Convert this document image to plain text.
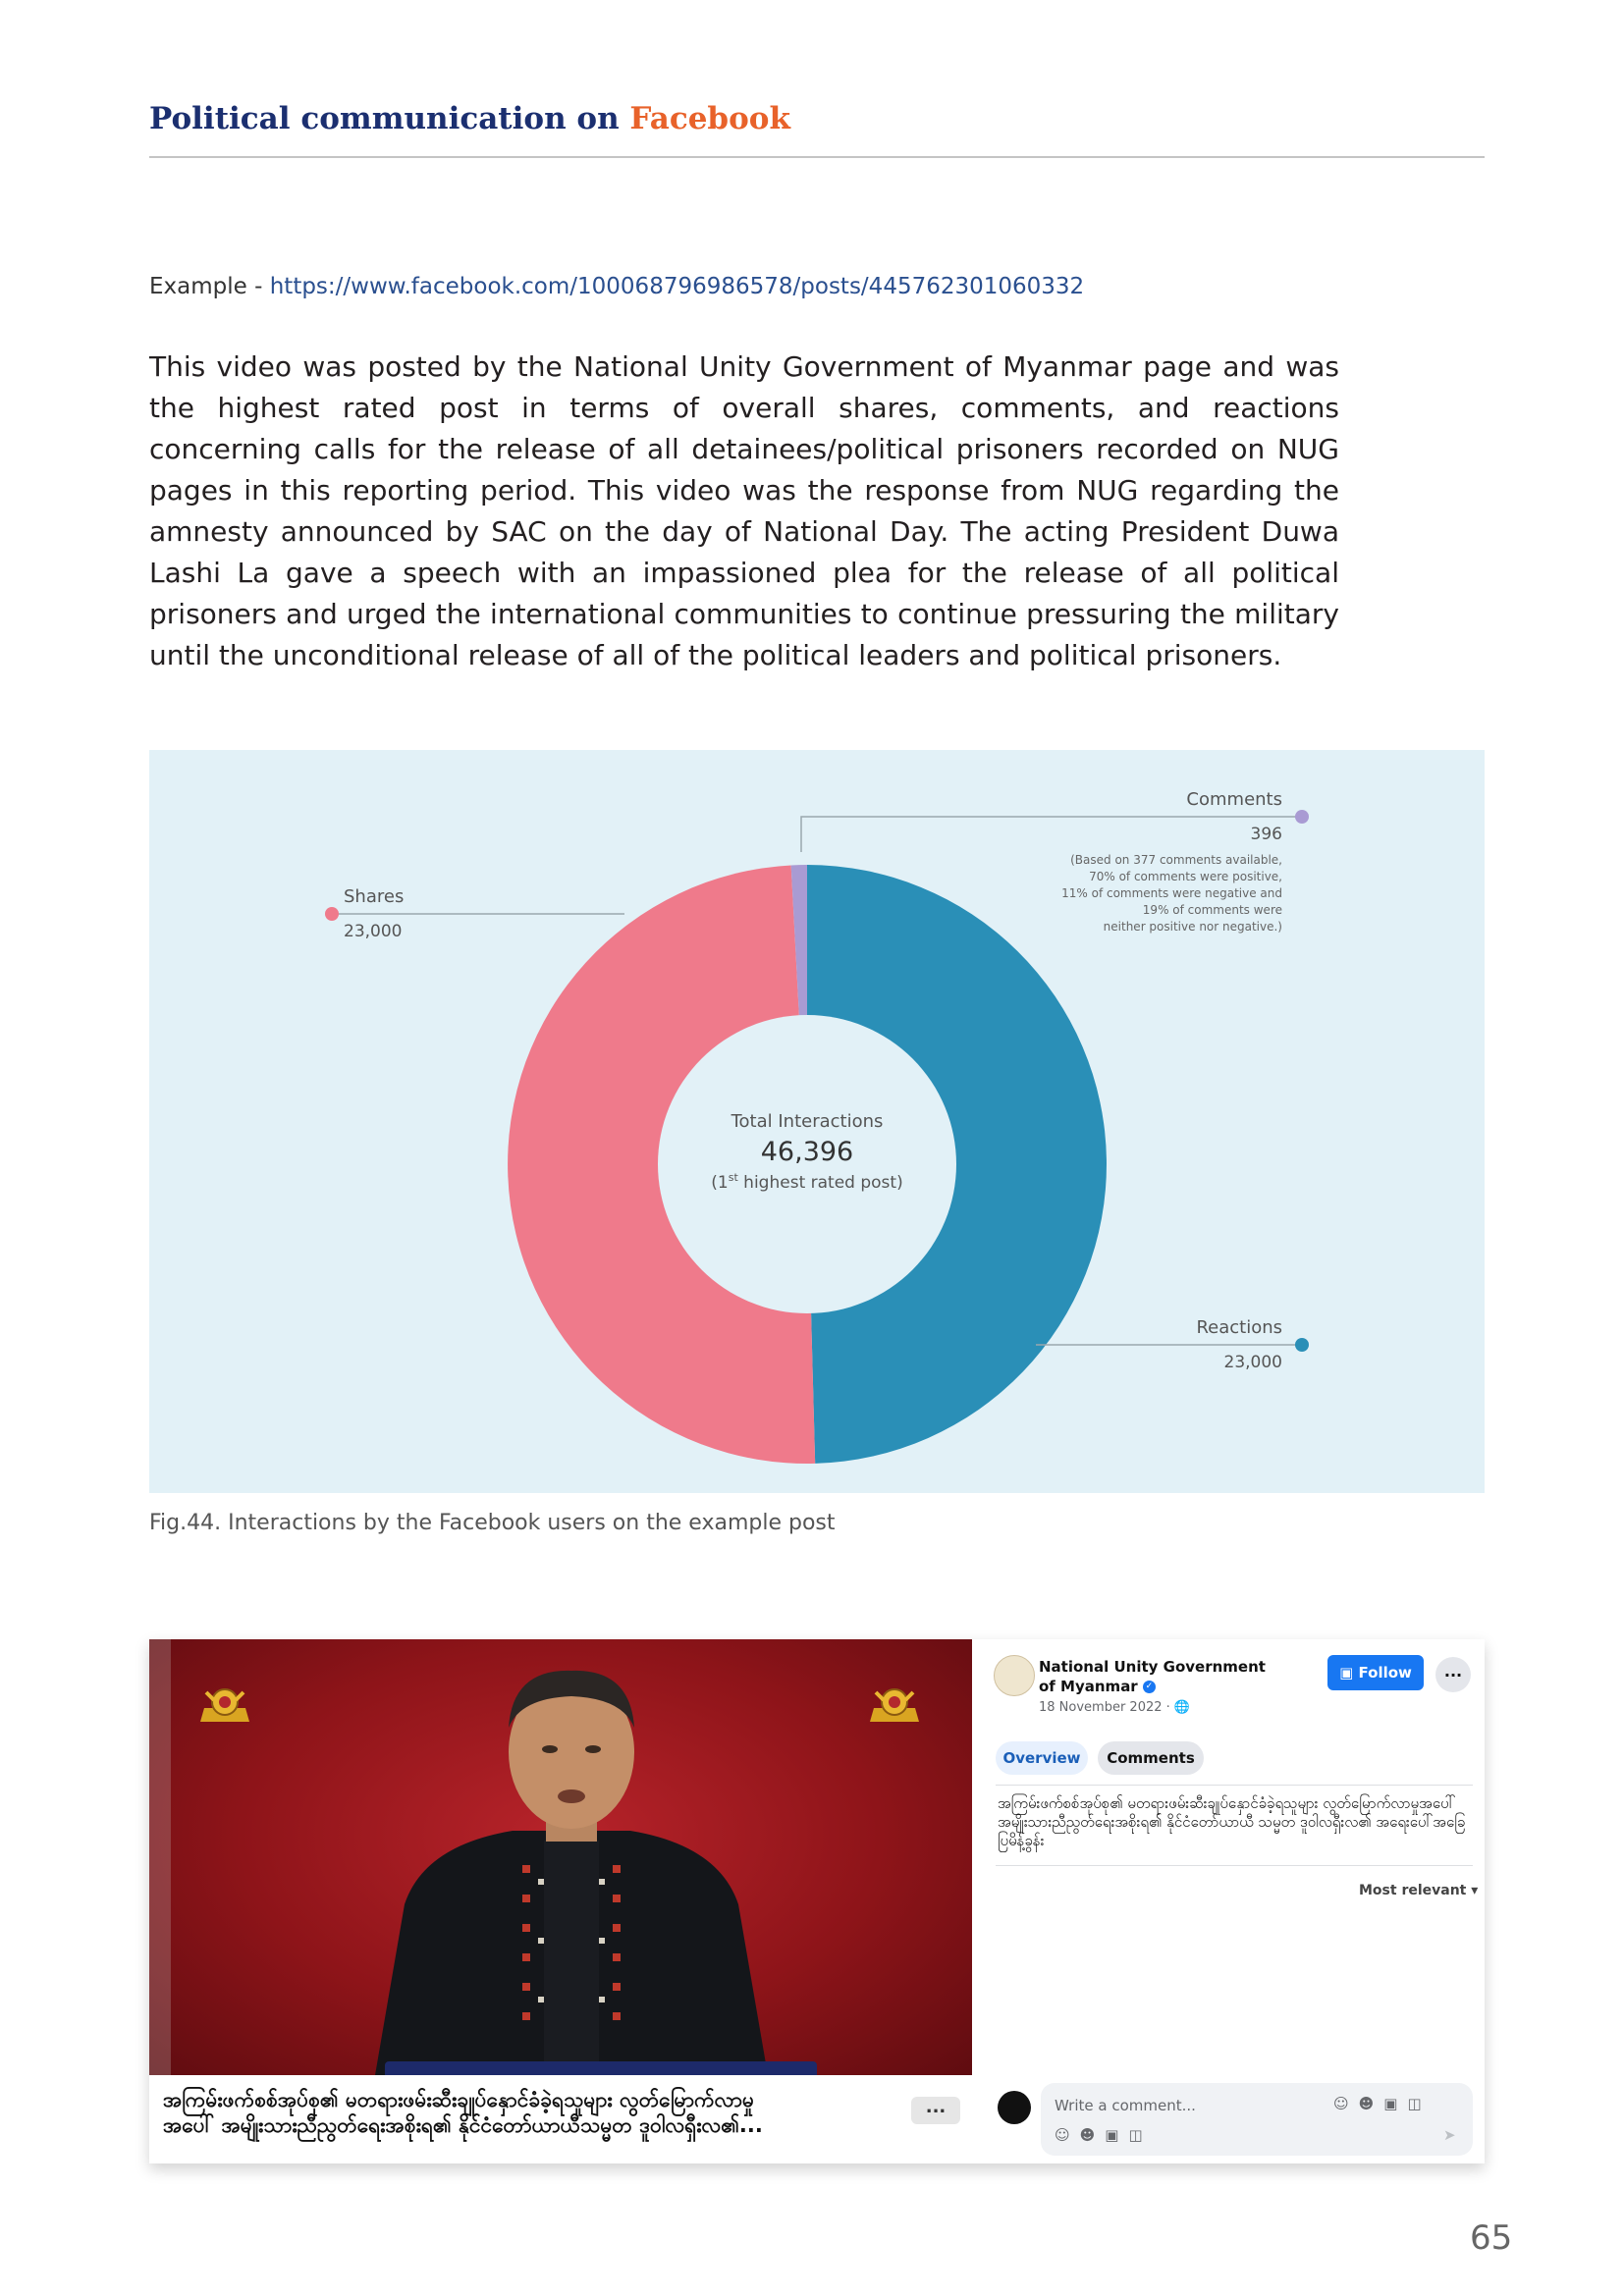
Political communication on Facebook
Example - https://www.facebook.com/100068796986578/posts/445762301060332
This video was posted by the National Unity Government of Myanmar page and was the highest rated post in terms of overall shares, comments, and reactions concerning calls for the release of all detainees/political prisoners recorded on NUG pages in this reporting period. This video was the response from NUG regarding the amnesty announced by SAC on the day of National Day. The acting President Duwa Lashi La gave a speech with an impassioned plea for the release of all political prisoners and urged the international communities to continue pressuring the military until the unconditional release of all of the political leaders and political prisoners.
Comments
396
(Based on 377 comments available,
70% of comments were positive,
11% of comments were negative and
19% of comments were
neither positive nor negative.)
Shares
23,000
Reactions
23,000
Total Interactions
46,396
(1st highest rated post)
Fig.44. Interactions by the Facebook users on the example post
အကြမ်းဖက်စစ်အုပ်စု၏ မတရားဖမ်းဆီးချုပ်နှောင်ခံခဲ့ရသူများ လွတ်မြောက်လာမှု
အပေါ် အမျိုးသားညီညွတ်ရေးအစိုးရ၏ နိုင်ငံတော်ယာယီသမ္မတ ဒူဝါလရှီးလ၏...
...
National Unity Government of Myanmar ✓
18 November 2022 · 🌐
▣ Follow	...
Overview	Comments
အကြမ်းဖက်စစ်အုပ်စု၏ မတရားဖမ်းဆီးချုပ်နှောင်ခံခဲ့ရသူများ လွတ်မြောက်လာမှုအပေါ် အမျိုးသားညီညွတ်ရေးအစိုးရ၏ နိုင်ငံတော်ယာယီ သမ္မတ ဒူဝါလရှီးလ၏ အရေးပေါ်အခြေပြမိန့်ခွန်း
Most relevant ▾
Write a comment...	☺☻▣◫
☺☻▣◫	➤
65
